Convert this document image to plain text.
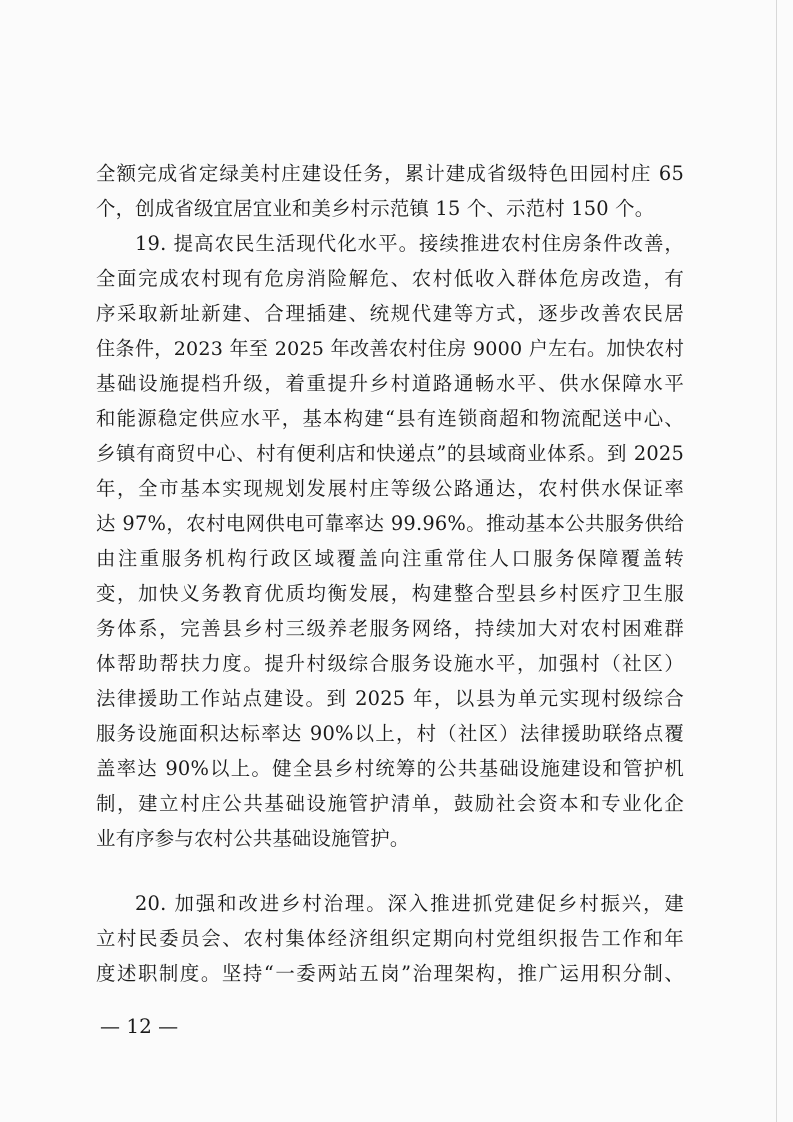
全额完成省定绿美村庄建设任务，累计建成省级特色田园村庄 65
个，创成省级宜居宜业和美乡村示范镇 15 个、示范村 150 个。
19. 提高农民生活现代化水平。接续推进农村住房条件改善，
全面完成农村现有危房消险解危、农村低收入群体危房改造，有
序采取新址新建、合理插建、统规代建等方式，逐步改善农民居
住条件，2023 年至 2025 年改善农村住房 9000 户左右。加快农村
基础设施提档升级，着重提升乡村道路通畅水平、供水保障水平
和能源稳定供应水平，基本构建“县有连锁商超和物流配送中心、
乡镇有商贸中心、村有便利店和快递点”的县域商业体系。到 2025
年，全市基本实现规划发展村庄等级公路通达，农村供水保证率
达 97%，农村电网供电可靠率达 99.96%。推动基本公共服务供给
由注重服务机构行政区域覆盖向注重常住人口服务保障覆盖转
变，加快义务教育优质均衡发展，构建整合型县乡村医疗卫生服
务体系，完善县乡村三级养老服务网络，持续加大对农村困难群
体帮助帮扶力度。提升村级综合服务设施水平，加强村（社区）
法律援助工作站点建设。到 2025 年，以县为单元实现村级综合
服务设施面积达标率达 90%以上，村（社区）法律援助联络点覆
盖率达 90%以上。健全县乡村统筹的公共基础设施建设和管护机
制，建立村庄公共基础设施管护清单，鼓励社会资本和专业化企
业有序参与农村公共基础设施管护。
20. 加强和改进乡村治理。深入推进抓党建促乡村振兴，建
立村民委员会、农村集体经济组织定期向村党组织报告工作和年
度述职制度。坚持“一委两站五岗”治理架构，推广运用积分制、
— 12 —
